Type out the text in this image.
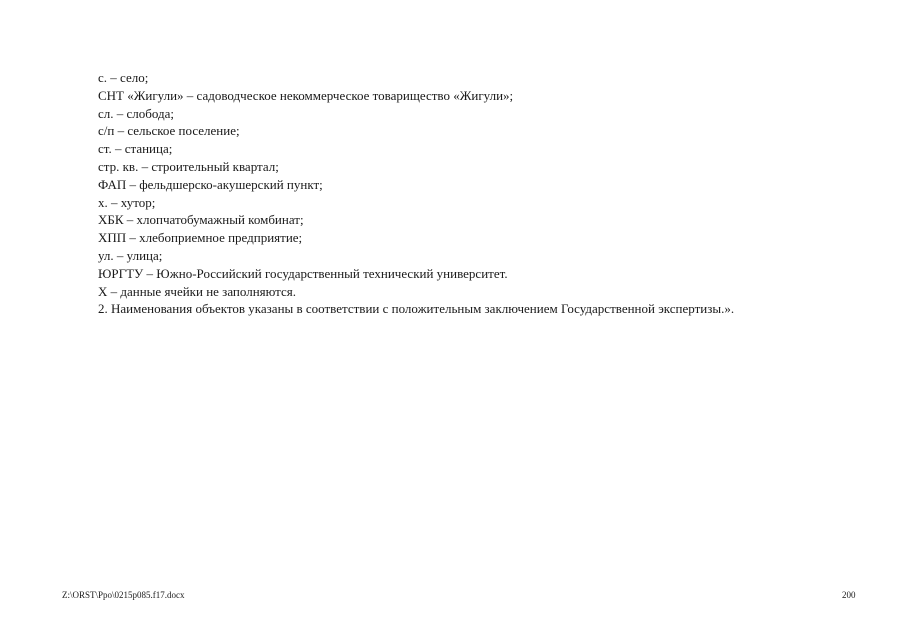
с. – село;
СНТ «Жигули» – садоводческое некоммерческое товарищество «Жигули»;
сл. – слобода;
с/п – сельское поселение;
ст. – станица;
стр. кв. – строительный квартал;
ФАП – фельдшерско-акушерский пункт;
х. – хутор;
ХБК – хлопчатобумажный комбинат;
ХПП – хлебоприемное предприятие;
ул. – улица;
ЮРГТУ – Южно-Российский государственный технический университет.
Х – данные ячейки не заполняются.
2. Наименования объектов указаны в соответствии с положительным заключением Государственной экспертизы.».
Z:\ORST\Ppo\0215p085.f17.docx	200
